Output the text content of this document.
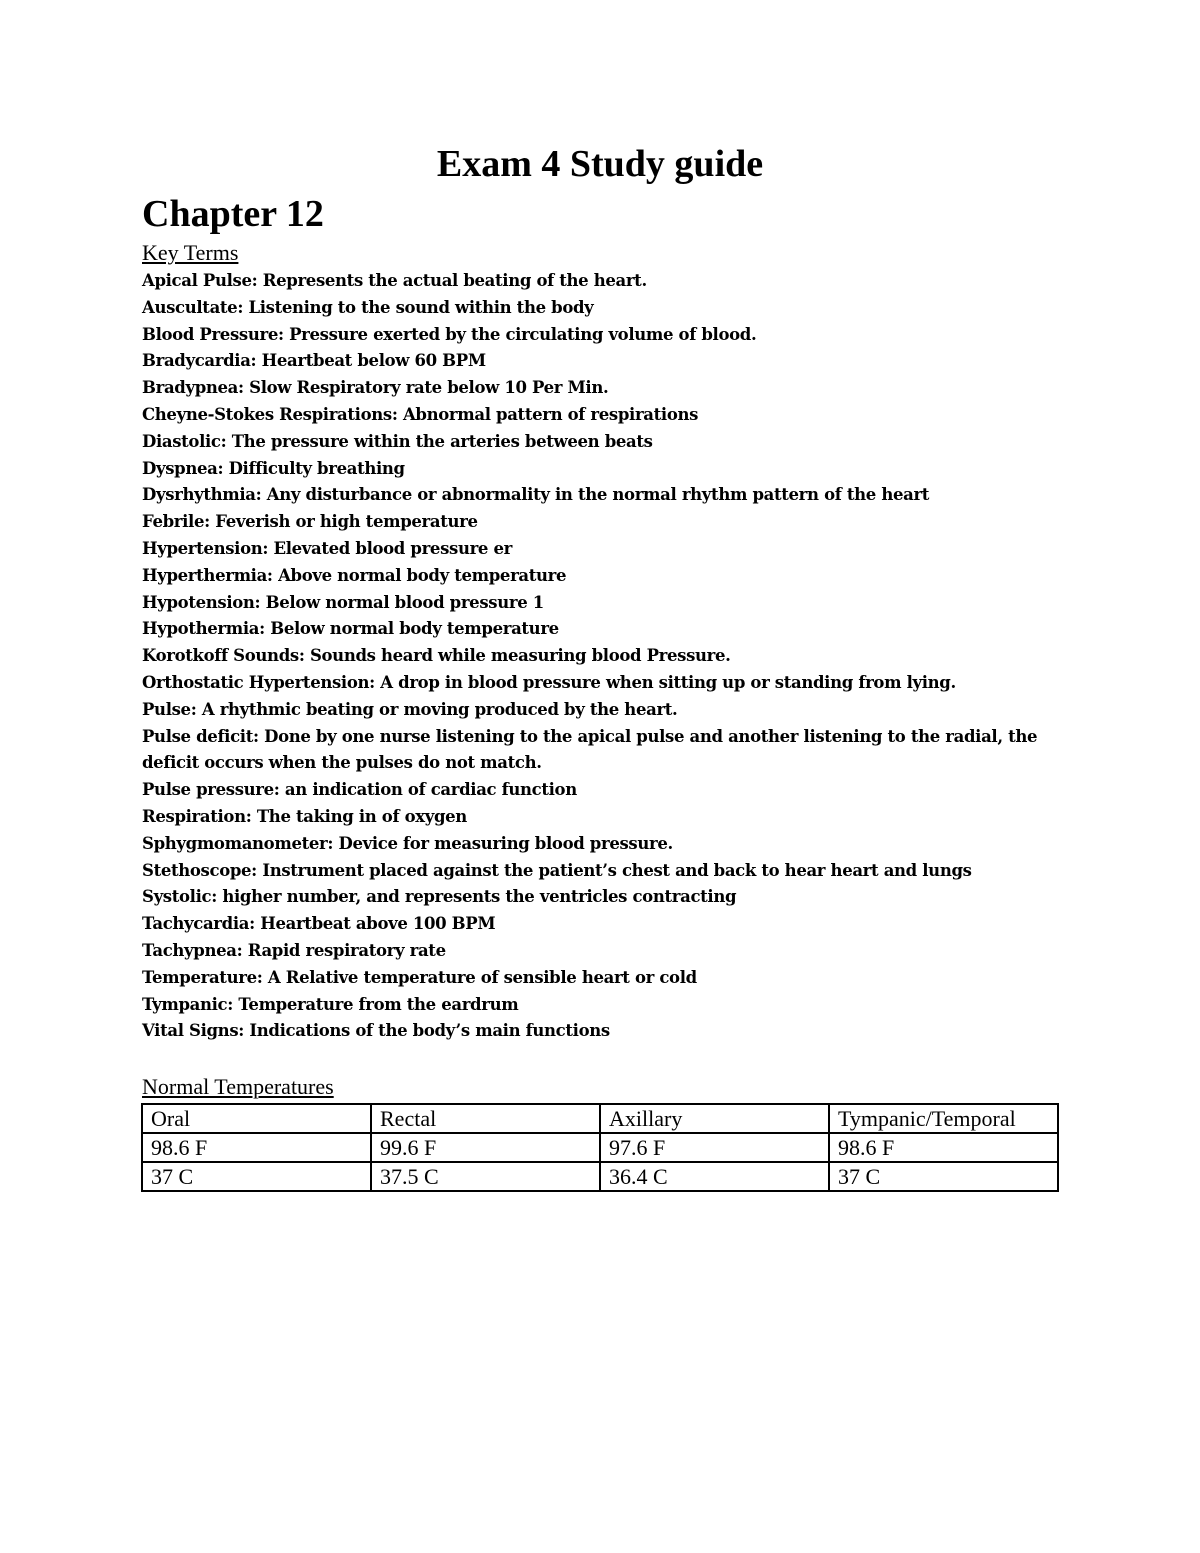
Exam 4 Study guide
Chapter 12
Key Terms
Apical Pulse: Represents the actual beating of the heart.
Auscultate: Listening to the sound within the body
Blood Pressure: Pressure exerted by the circulating volume of blood.
Bradycardia: Heartbeat below 60 BPM
Bradypnea: Slow Respiratory rate below 10 Per Min.
Cheyne-Stokes Respirations: Abnormal pattern of respirations
Diastolic: The pressure within the arteries between beats
Dyspnea: Difficulty breathing
Dysrhythmia: Any disturbance or abnormality in the normal rhythm pattern of the heart
Febrile: Feverish or high temperature
Hypertension: Elevated blood pressure er
Hyperthermia: Above normal body temperature
Hypotension: Below normal blood pressure 1
Hypothermia: Below normal body temperature
Korotkoff Sounds: Sounds heard while measuring blood Pressure.
Orthostatic Hypertension: A drop in blood pressure when sitting up or standing from lying.
Pulse: A rhythmic beating or moving produced by the heart.
Pulse deficit: Done by one nurse listening to the apical pulse and another listening to the radial, the deficit occurs when the pulses do not match.
Pulse pressure: an indication of cardiac function
Respiration: The taking in of oxygen
Sphygmomanometer: Device for measuring blood pressure.
Stethoscope: Instrument placed against the patient’s chest and back to hear heart and lungs
Systolic: higher number, and represents the ventricles contracting
Tachycardia: Heartbeat above 100 BPM
Tachypnea: Rapid respiratory rate
Temperature: A Relative temperature of sensible heart or cold
Tympanic: Temperature from the eardrum
Vital Signs: Indications of the body’s main functions
Normal Temperatures
Oral	Rectal	Axillary	Tympanic/Temporal
98.6 F	99.6 F	97.6 F	98.6 F
37 C	37.5 C	36.4 C	37 C
